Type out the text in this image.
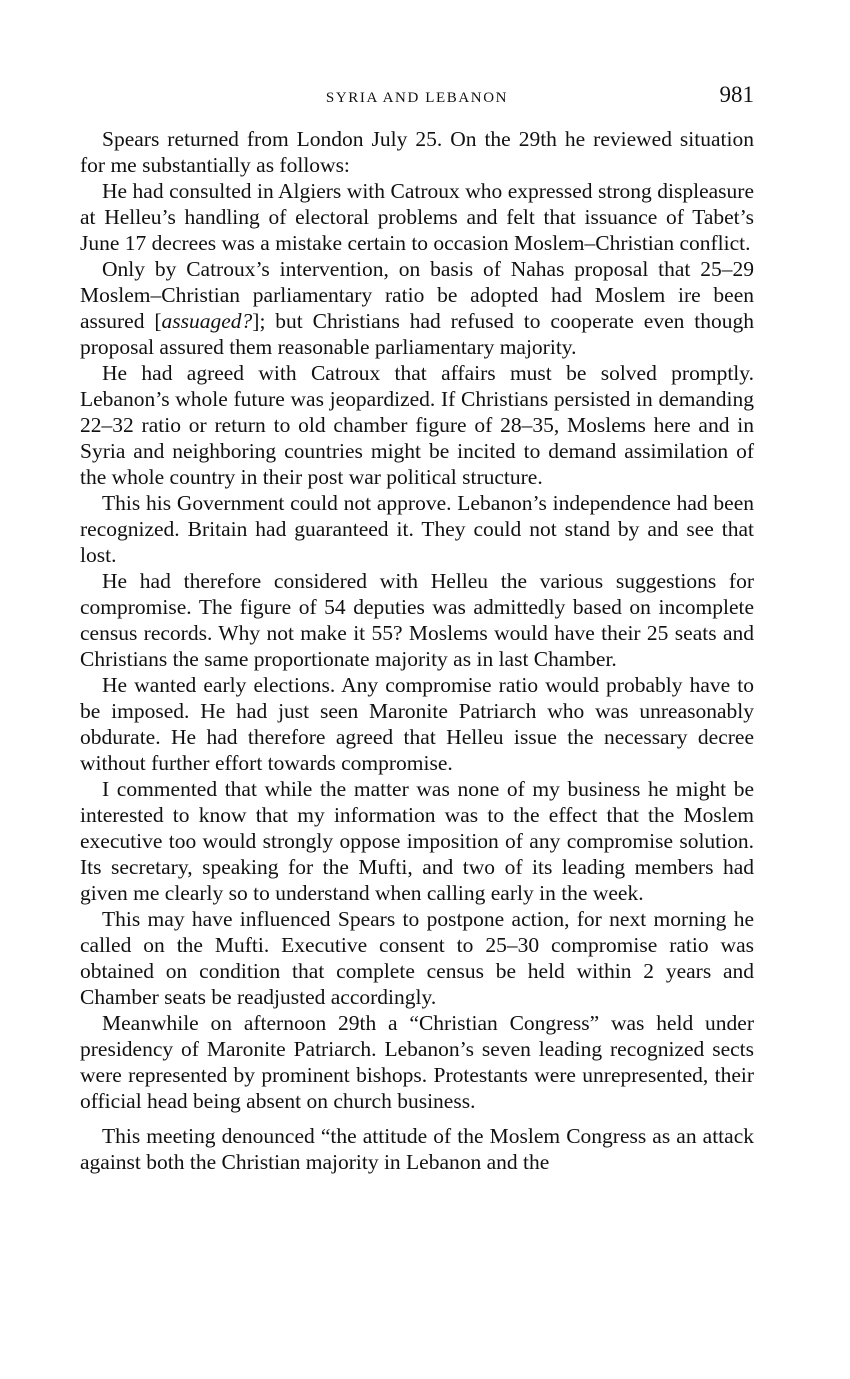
SYRIA AND LEBANON	981

Spears returned from London July 25. On the 29th he reviewed situation for me substantially as follows:

He had consulted in Algiers with Catroux who expressed strong displeasure at Helleu’s handling of electoral problems and felt that issuance of Tabet’s June 17 decrees was a mistake certain to occasion Moslem–Christian conflict.

Only by Catroux’s intervention, on basis of Nahas proposal that 25–29 Moslem–Christian parliamentary ratio be adopted had Moslem ire been assured [assuaged?]; but Christians had refused to cooperate even though proposal assured them reasonable parliamentary majority.

He had agreed with Catroux that affairs must be solved promptly. Lebanon’s whole future was jeopardized. If Christians persisted in demanding 22–32 ratio or return to old chamber figure of 28–35, Moslems here and in Syria and neighboring countries might be incited to demand assimilation of the whole country in their post war political structure.

This his Government could not approve. Lebanon’s independence had been recognized. Britain had guaranteed it. They could not stand by and see that lost.

He had therefore considered with Helleu the various suggestions for compromise. The figure of 54 deputies was admittedly based on incomplete census records. Why not make it 55? Moslems would have their 25 seats and Christians the same proportionate majority as in last Chamber.

He wanted early elections. Any compromise ratio would probably have to be imposed. He had just seen Maronite Patriarch who was unreasonably obdurate. He had therefore agreed that Helleu issue the necessary decree without further effort towards compromise.

I commented that while the matter was none of my business he might be interested to know that my information was to the effect that the Moslem executive too would strongly oppose imposition of any compromise solution. Its secretary, speaking for the Mufti, and two of its leading members had given me clearly so to understand when calling early in the week.

This may have influenced Spears to postpone action, for next morning he called on the Mufti. Executive consent to 25–30 compromise ratio was obtained on condition that complete census be held within 2 years and Chamber seats be readjusted accordingly.

Meanwhile on afternoon 29th a “Christian Congress” was held under presidency of Maronite Patriarch. Lebanon’s seven leading recognized sects were represented by prominent bishops. Protestants were unrepresented, their official head being absent on church business.

This meeting denounced “the attitude of the Moslem Congress as an attack against both the Christian majority in Lebanon and the
